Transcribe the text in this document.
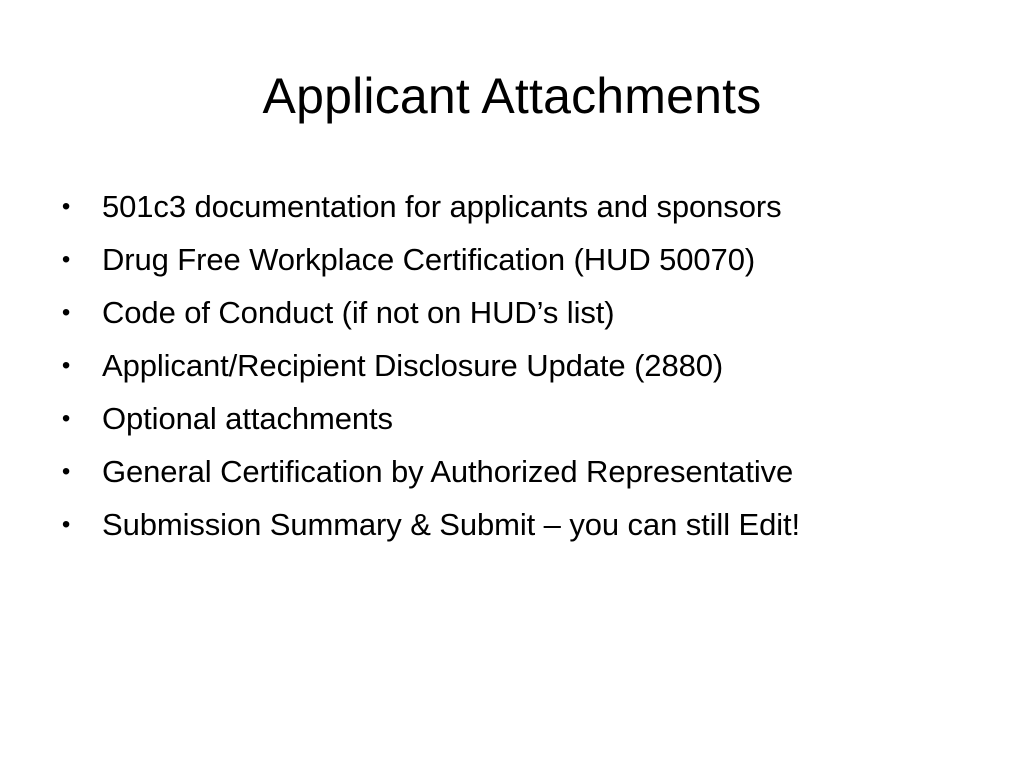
Applicant Attachments
• 501c3 documentation for applicants and sponsors
• Drug Free Workplace Certification (HUD 50070)
• Code of Conduct (if not on HUD’s list)
• Applicant/Recipient Disclosure Update (2880)
• Optional attachments
• General Certification by Authorized Representative
• Submission Summary & Submit – you can still Edit!
